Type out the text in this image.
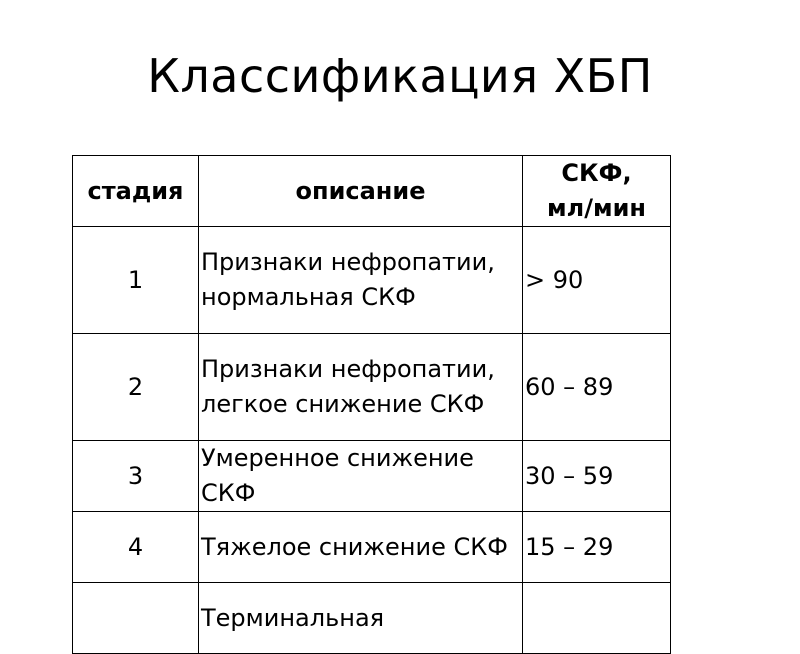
Классификация ХБП
стадия	описание	СКФ,
мл/мин

1	Признаки нефропатии, нормальная СКФ	> 90
2	Признаки нефропатии, легкое снижение СКФ	60 – 89
3	Умеренное снижение СКФ	30 – 59
4	Тяжелое снижение СКФ	15 – 29
	Терминальная	
